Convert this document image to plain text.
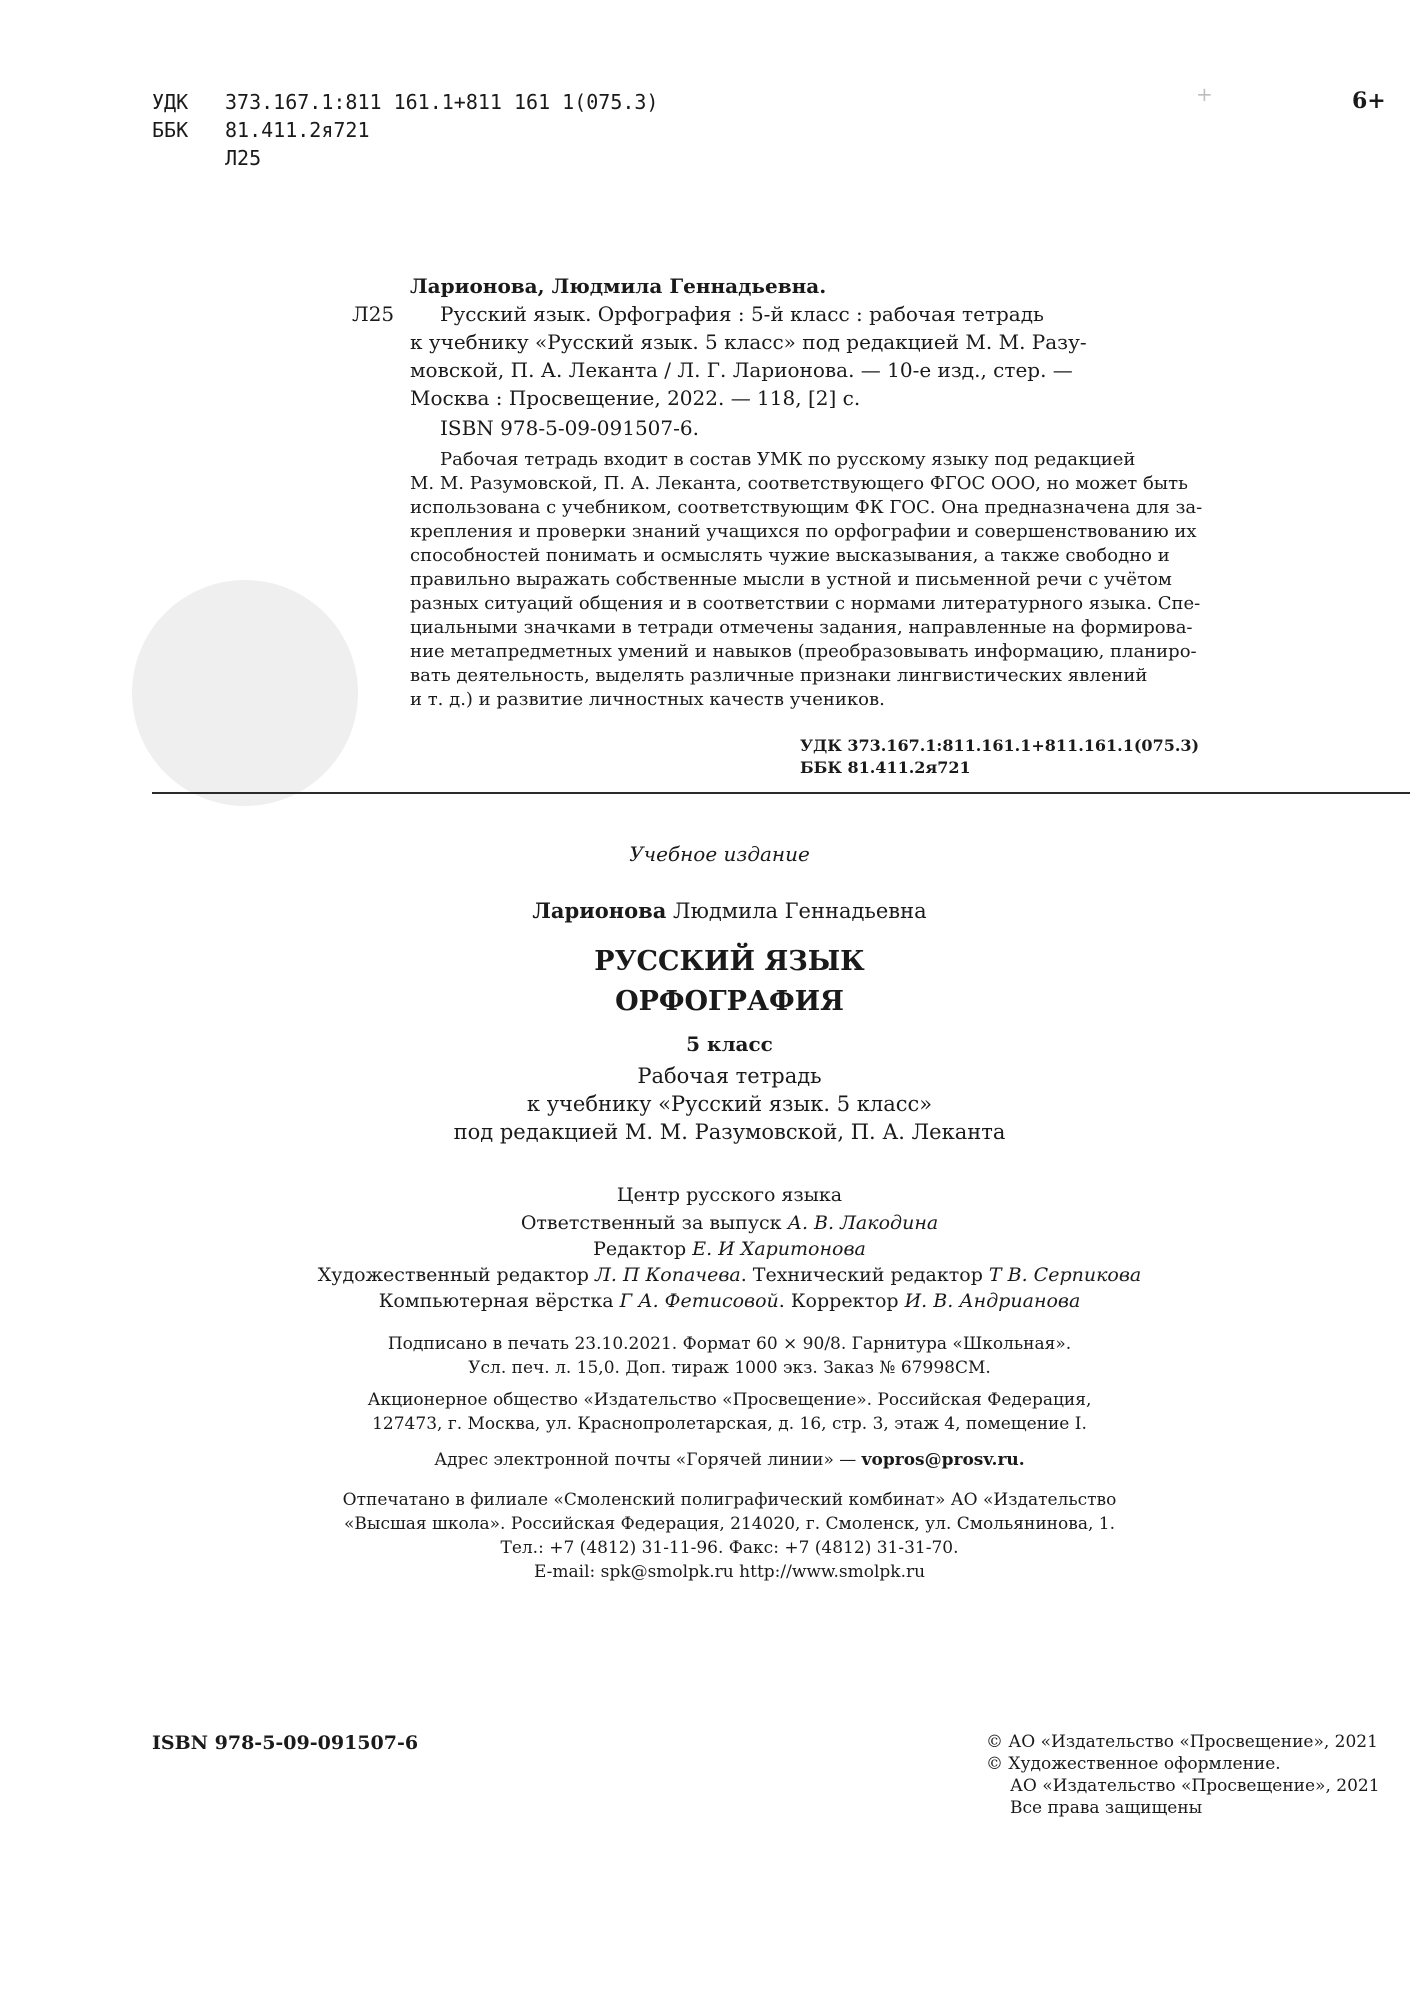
УДК 373.167.1:811 161.1+811 161 1(075.3)
ББК 81.411.2я721
Л25
6+
+
Ларионова, Людмила Геннадьевна.
Л25 Русский язык. Орфография : 5-й класс : рабочая тетрадь
к учебнику «Русский язык. 5 класс» под редакцией М. М. Разу-
мовской, П. А. Леканта / Л. Г. Ларионова. — 10-е изд., стер. —
Москва : Просвещение, 2022. — 118, [2] с.
ISBN 978-5-09-091507-6.
Рабочая тетрадь входит в состав УМК по русскому языку под редакцией
М. М. Разумовской, П. А. Леканта, соответствующего ФГОС ООО, но может быть
использована с учебником, соответствующим ФК ГОС. Она предназначена для за-
крепления и проверки знаний учащихся по орфографии и совершенствованию их
способностей понимать и осмыслять чужие высказывания, а также свободно и
правильно выражать собственные мысли в устной и письменной речи с учётом
разных ситуаций общения и в соответствии с нормами литературного языка. Спе-
циальными значками в тетради отмечены задания, направленные на формирова-
ние метапредметных умений и навыков (преобразовывать информацию, планиро-
вать деятельность, выделять различные признаки лингвистических явлений
и т. д.) и развитие личностных качеств учеников.
УДК 373.167.1:811.161.1+811.161.1(075.3)
ББК 81.411.2я721
Учебное издание
Ларионова Людмила Геннадьевна
РУССКИЙ ЯЗЫК
ОРФОГРАФИЯ
5 класс
Рабочая тетрадь
к учебнику «Русский язык. 5 класс»
под редакцией М. М. Разумовской, П. А. Леканта
Центр русского языка
Ответственный за выпуск А. В. Лакодина
Редактор Е. И Харитонова
Художественный редактор Л. П Копачева. Технический редактор Т В. Серпикова
Компьютерная вёрстка Г А. Фетисовой. Корректор И. В. Андрианова
Подписано в печать 23.10.2021. Формат 60 × 90/8. Гарнитура «Школьная».
Усл. печ. л. 15,0. Доп. тираж 1000 экз. Заказ № 67998СМ.
Акционерное общество «Издательство «Просвещение». Российская Федерация,
127473, г. Москва, ул. Краснопролетарская, д. 16, стр. 3, этаж 4, помещение I.
Адрес электронной почты «Горячей линии» — vopros@prosv.ru.
Отпечатано в филиале «Смоленский полиграфический комбинат» АО «Издательство
«Высшая школа». Российская Федерация, 214020, г. Смоленск, ул. Смольянинова, 1.
Тел.: +7 (4812) 31-11-96. Факс: +7 (4812) 31-31-70.
E-mail: spk@smolpk.ru http://www.smolpk.ru
ISBN 978-5-09-091507-6	© АО «Издательство «Просвещение», 2021
© Художественное оформление.
АО «Издательство «Просвещение», 2021
Все права защищены
